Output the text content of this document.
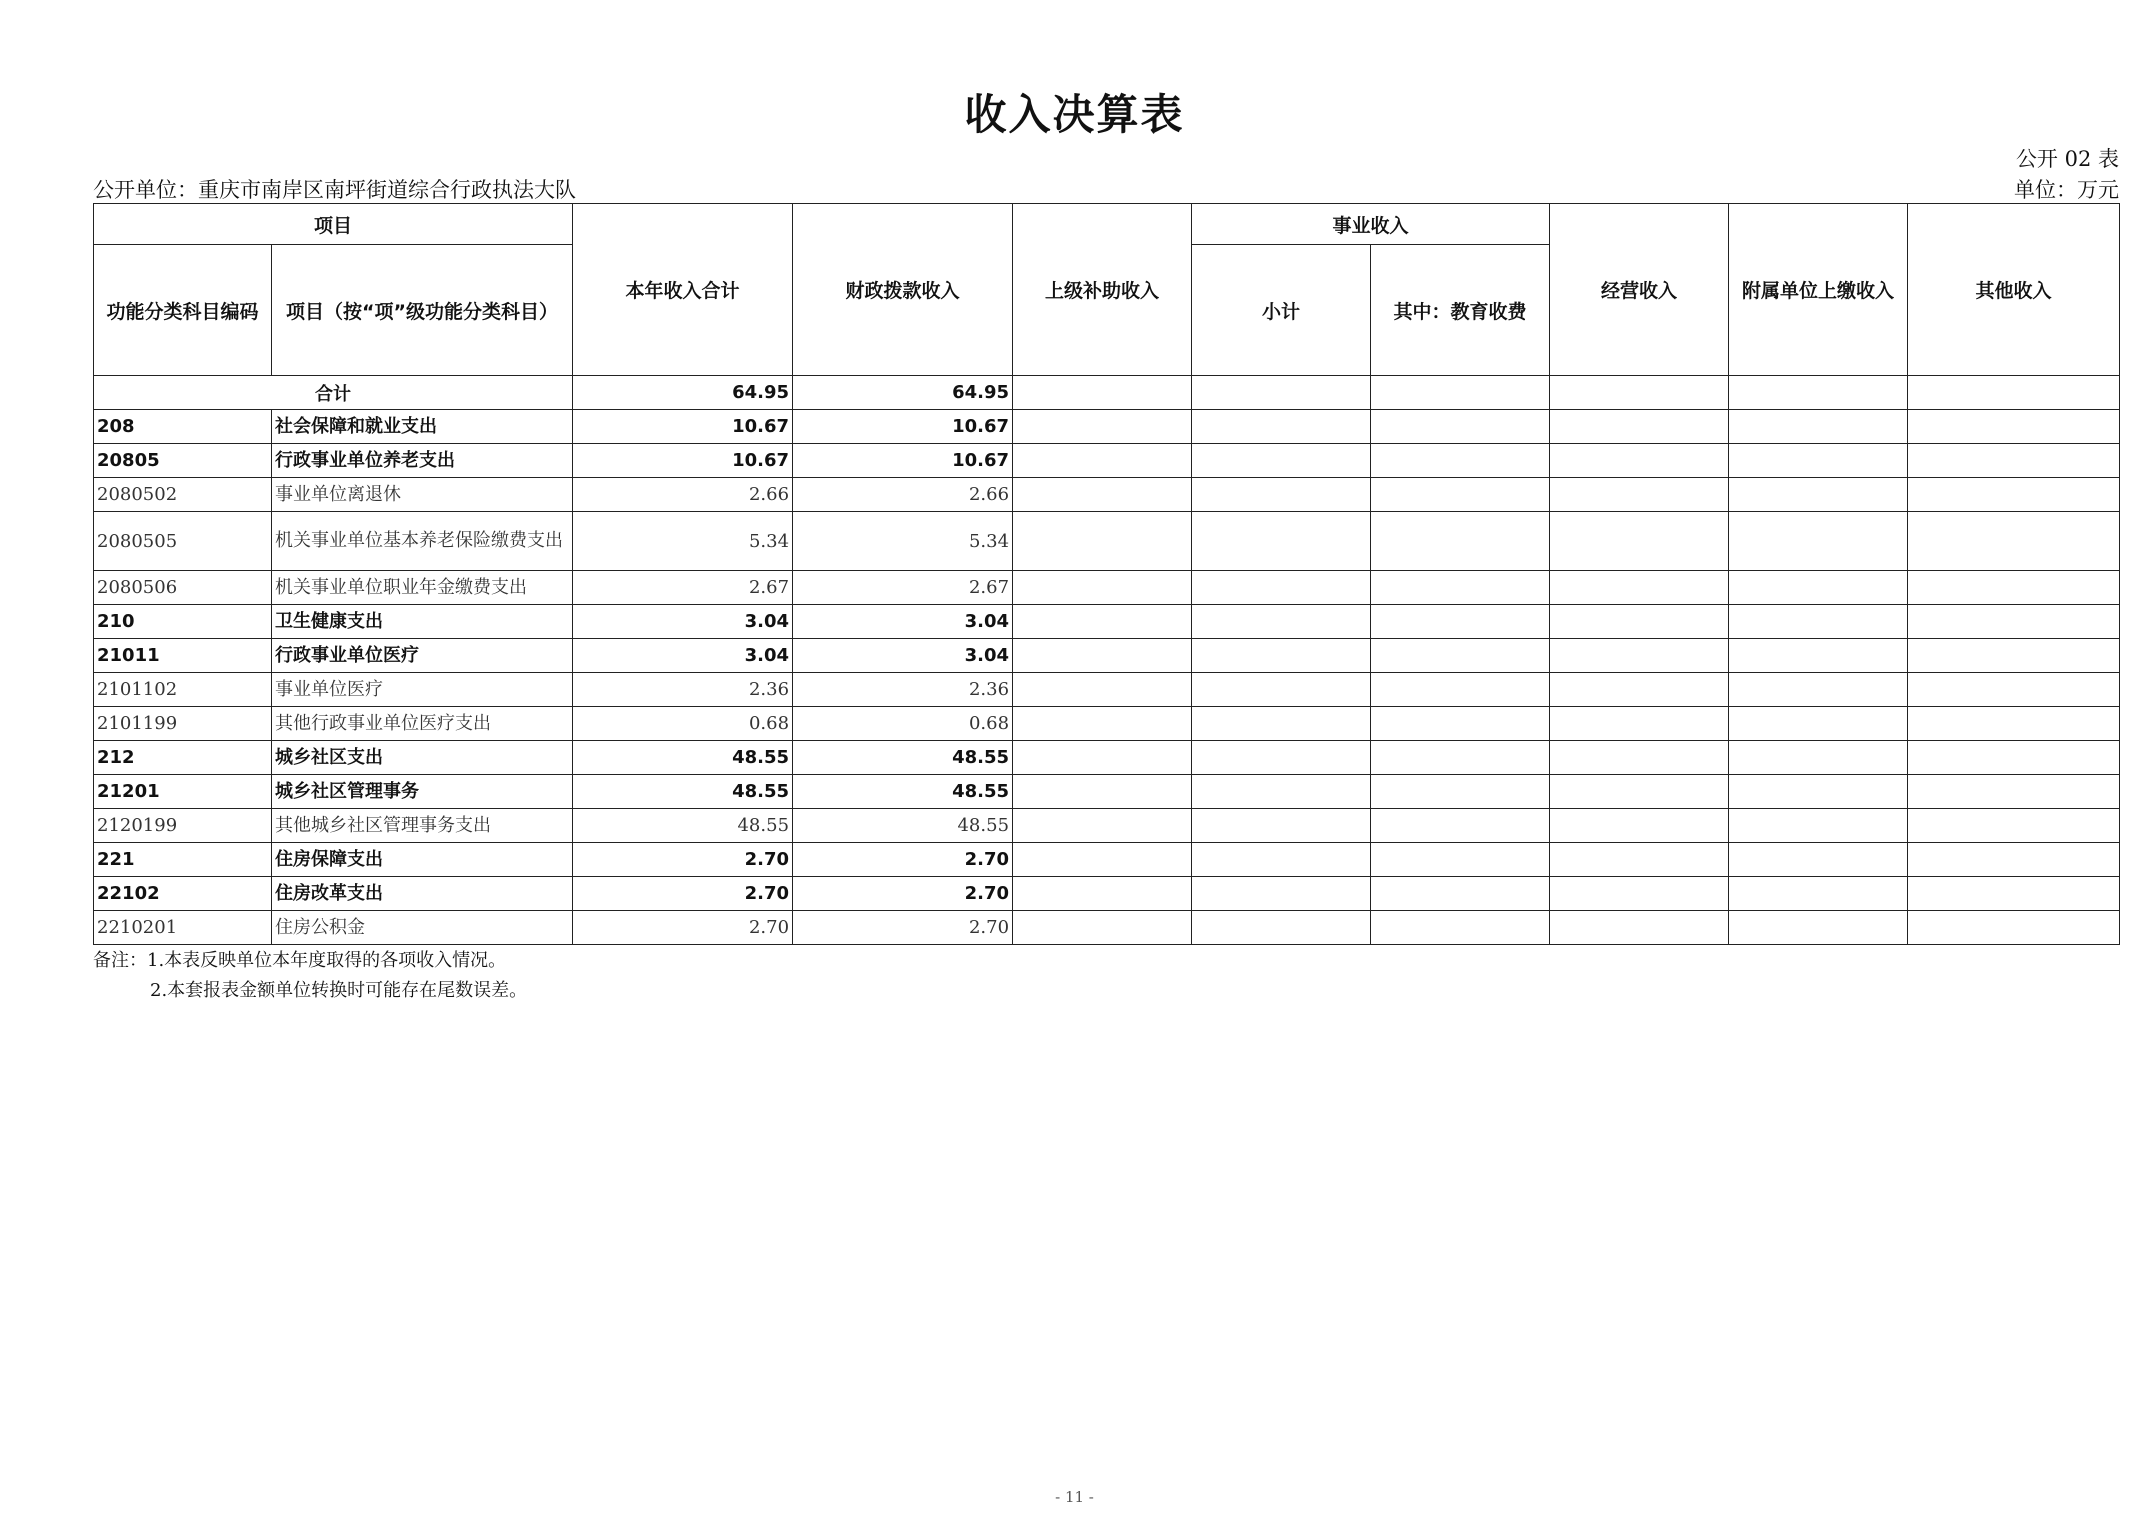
收入决算表
公开 02 表
公开单位：重庆市南岸区南坪街道综合行政执法大队	单位：万元
项目		本年收入合计	财政拨款收入	上级补助收入	事业收入		经营收入	附属单位上缴收入	其他收入
功能分类科目编码	项目（按“项”级功能分类科目）				小计	其中：教育收费			
合计		64.95	64.95						
208	社会保障和就业支出	10.67	10.67						
20805	行政事业单位养老支出	10.67	10.67						
2080502	事业单位离退休	2.66	2.66						
2080505	机关事业单位基本养老保险缴费支出	5.34	5.34						
2080506	机关事业单位职业年金缴费支出	2.67	2.67						
210	卫生健康支出	3.04	3.04						
21011	行政事业单位医疗	3.04	3.04						
2101102	事业单位医疗	2.36	2.36						
2101199	其他行政事业单位医疗支出	0.68	0.68						
212	城乡社区支出	48.55	48.55						
21201	城乡社区管理事务	48.55	48.55						
2120199	其他城乡社区管理事务支出	48.55	48.55						
221	住房保障支出	2.70	2.70						
22102	住房改革支出	2.70	2.70						
2210201	住房公积金	2.70	2.70						
备注：1.本表反映单位本年度取得的各项收入情况。
2.本套报表金额单位转换时可能存在尾数误差。
- 11 -
